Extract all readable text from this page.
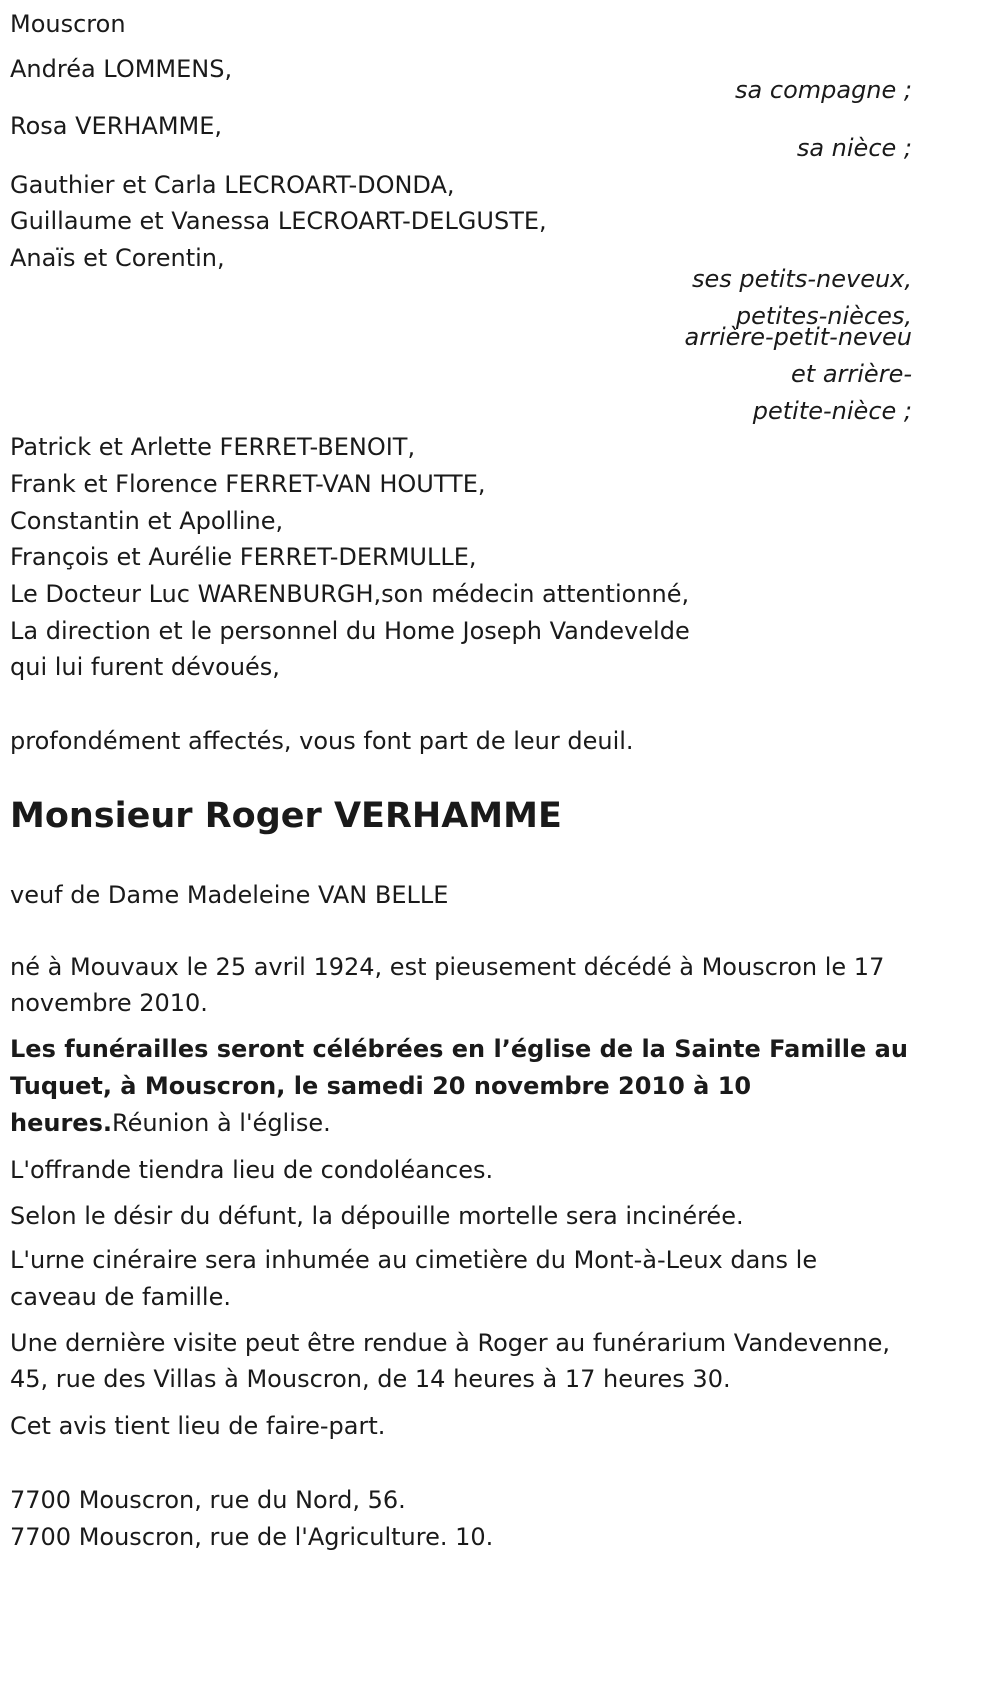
Mouscron
Andréa LOMMENS,
sa compagne ;
Rosa VERHAMME,
sa nièce ;
Gauthier et Carla LECROART-DONDA,
Guillaume et Vanessa LECROART-DELGUSTE,
Anaïs et Corentin,
ses petits-neveux,
petites-nièces,
arrière-petit-neveu
et arrière-
petite-nièce ;
Patrick et Arlette FERRET-BENOIT,
Frank et Florence FERRET-VAN HOUTTE,
Constantin et Apolline,
François et Aurélie FERRET-DERMULLE,
Le Docteur Luc WARENBURGH,son médecin attentionné,
La direction et le personnel du Home Joseph Vandevelde
qui lui furent dévoués,
profondément affectés, vous font part de leur deuil.
Monsieur Roger VERHAMME
veuf de Dame Madeleine VAN BELLE
né à Mouvaux le 25 avril 1924, est pieusement décédé à Mouscron le 17 novembre 2010.
Les funérailles seront célébrées en l’église de la Sainte Famille au Tuquet, à Mouscron, le samedi 20 novembre 2010 à 10 heures.Réunion à l'église.
L'offrande tiendra lieu de condoléances.
Selon le désir du défunt, la dépouille mortelle sera incinérée.
L'urne cinéraire sera inhumée au cimetière du Mont-à-Leux dans le caveau de famille.
Une dernière visite peut être rendue à Roger au funérarium Vandevenne, 45, rue des Villas à Mouscron, de 14 heures à 17 heures 30.
Cet avis tient lieu de faire-part.
7700 Mouscron, rue du Nord, 56.
7700 Mouscron, rue de l'Agriculture. 10.
